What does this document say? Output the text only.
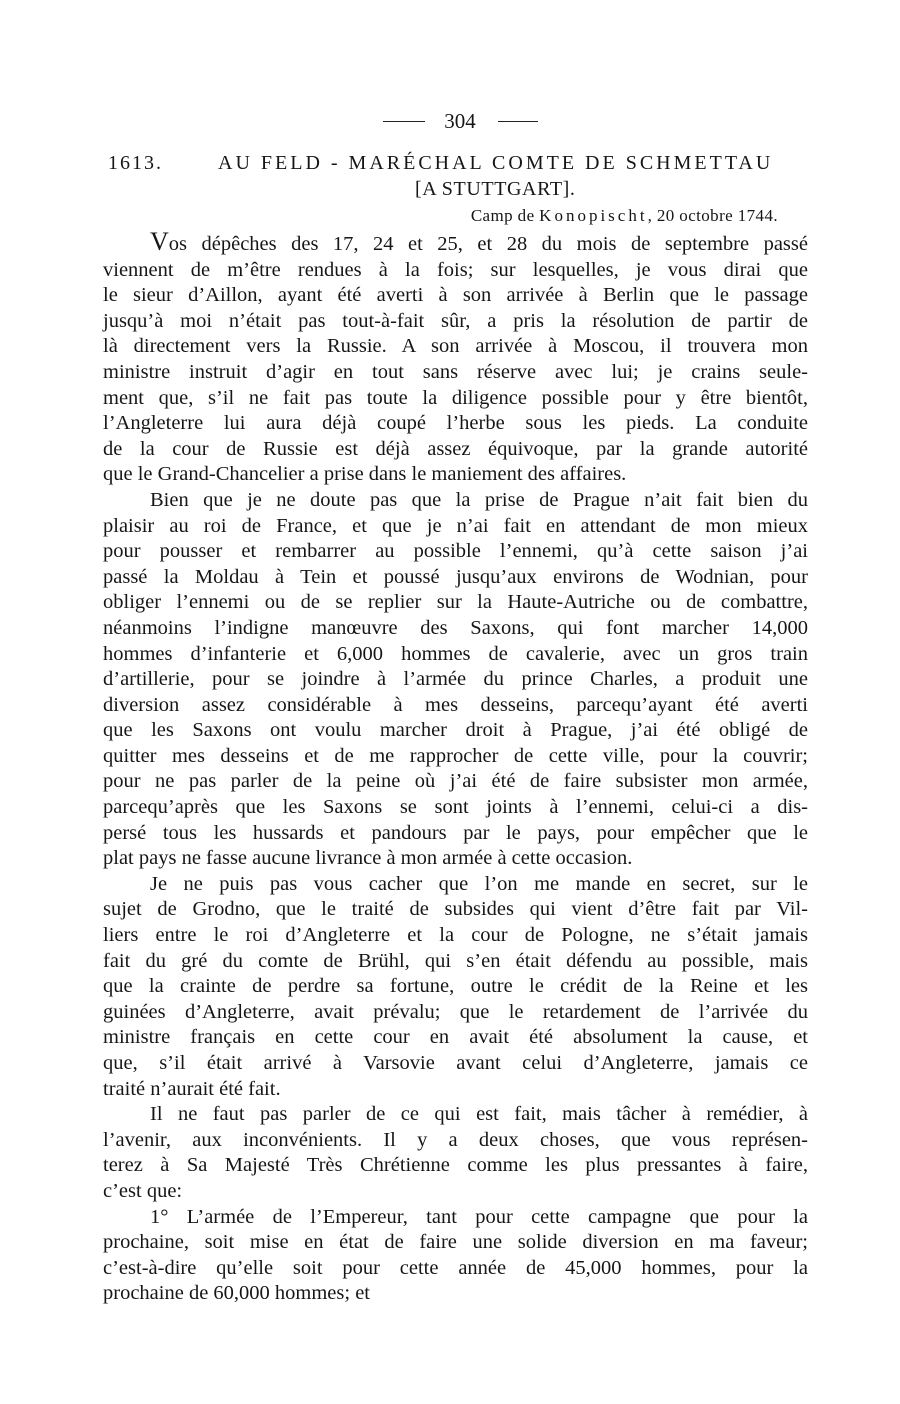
304
1613.	AU FELD - MARÉCHAL COMTE DE SCHMETTAU
[A STUTTGART].
Camp de Konopischt, 20 octobre 1744.
Vos dépêches des 17, 24 et 25, et 28 du mois de septembre passé
viennent de m’être rendues à la fois; sur lesquelles, je vous dirai que
le sieur d’Aillon, ayant été averti à son arrivée à Berlin que le passage
jusqu’à moi n’était pas tout-à-fait sûr, a pris la résolution de partir de
là directement vers la Russie. A son arrivée à Moscou, il trouvera mon
ministre instruit d’agir en tout sans réserve avec lui; je crains seule-
ment que, s’il ne fait pas toute la diligence possible pour y être bientôt,
l’Angleterre lui aura déjà coupé l’herbe sous les pieds. La conduite
de la cour de Russie est déjà assez équivoque, par la grande autorité
que le Grand-Chancelier a prise dans le maniement des affaires.
Bien que je ne doute pas que la prise de Prague n’ait fait bien du
plaisir au roi de France, et que je n’ai fait en attendant de mon mieux
pour pousser et rembarrer au possible l’ennemi, qu’à cette saison j’ai
passé la Moldau à Tein et poussé jusqu’aux environs de Wodnian, pour
obliger l’ennemi ou de se replier sur la Haute-Autriche ou de combattre,
néanmoins l’indigne manœuvre des Saxons, qui font marcher 14,000
hommes d’infanterie et 6,000 hommes de cavalerie, avec un gros train
d’artillerie, pour se joindre à l’armée du prince Charles, a produit une
diversion assez considérable à mes desseins, parcequ’ayant été averti
que les Saxons ont voulu marcher droit à Prague, j’ai été obligé de
quitter mes desseins et de me rapprocher de cette ville, pour la couvrir;
pour ne pas parler de la peine où j’ai été de faire subsister mon armée,
parcequ’après que les Saxons se sont joints à l’ennemi, celui-ci a dis-
persé tous les hussards et pandours par le pays, pour empêcher que le
plat pays ne fasse aucune livrance à mon armée à cette occasion.
Je ne puis pas vous cacher que l’on me mande en secret, sur le
sujet de Grodno, que le traité de subsides qui vient d’être fait par Vil-
liers entre le roi d’Angleterre et la cour de Pologne, ne s’était jamais
fait du gré du comte de Brühl, qui s’en était défendu au possible, mais
que la crainte de perdre sa fortune, outre le crédit de la Reine et les
guinées d’Angleterre, avait prévalu; que le retardement de l’arrivée du
ministre français en cette cour en avait été absolument la cause, et
que, s’il était arrivé à Varsovie avant celui d’Angleterre, jamais ce
traité n’aurait été fait.
Il ne faut pas parler de ce qui est fait, mais tâcher à remédier, à
l’avenir, aux inconvénients. Il y a deux choses, que vous représen-
terez à Sa Majesté Très Chrétienne comme les plus pressantes à faire,
c’est que:
1° L’armée de l’Empereur, tant pour cette campagne que pour la
prochaine, soit mise en état de faire une solide diversion en ma faveur;
c’est-à-dire qu’elle soit pour cette année de 45,000 hommes, pour la
prochaine de 60,000 hommes; et
